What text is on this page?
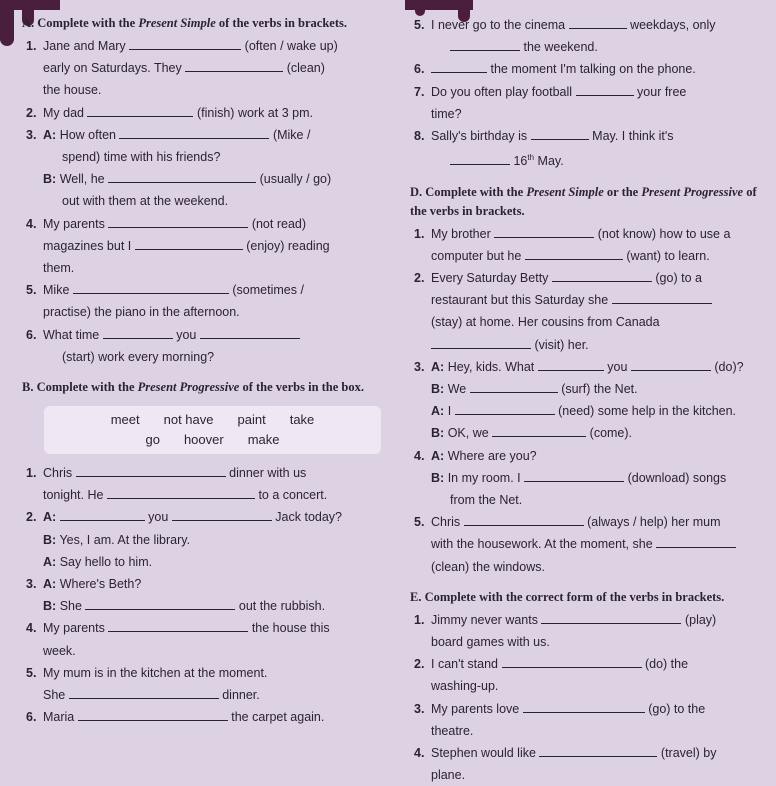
A. Complete with the Present Simple of the verbs in brackets.
1. Jane and Mary	(often / wake up)
early on Saturdays. They	(clean)
the house.
2. My dad	(finish) work at 3 pm.
3. A: How often	(Mike /
spend) time with his friends?
B: Well, he	(usually / go)
out with them at the weekend.
4. My parents	(not read)
magazines but I	(enjoy) reading
them.
5. Mike	(sometimes /
practise) the piano in the afternoon.
6. What time	you
(start) work every morning?
B. Complete with the Present Progressive of the verbs in the box.
meet not have paint take
go hoover make
1. Chris	dinner with us
tonight. He	to a concert.
2. A:	you	Jack today?
B: Yes, I am. At the library.
A: Say hello to him.
3. A: Where's Beth?
B: She	out the rubbish.
4. My parents	the house this
week.
5. My mum is in the kitchen at the moment.
She	dinner.
6. Maria	the carpet again.
5. I never go to the cinema	weekdays, only
the weekend.
6.	the moment I'm talking on the phone.
7. Do you often play football	your free
time?
8. Sally's birthday is	May. I think it's
16th May.
D. Complete with the Present Simple or the Present Progressive of the verbs in brackets.
1. My brother	(not know) how to use a
computer but he	(want) to learn.
2. Every Saturday Betty	(go) to a
restaurant but this Saturday she
(stay) at home. Her cousins from Canada
(visit) her.
3. A: Hey, kids. What	you	(do)?
B: We	(surf) the Net.
A: I	(need) some help in the kitchen.
B: OK, we	(come).
4. A: Where are you?
B: In my room. I	(download) songs
from the Net.
5. Chris	(always / help) her mum
with the housework. At the moment, she
(clean) the windows.
E. Complete with the correct form of the verbs in brackets.
1. Jimmy never wants	(play)
board games with us.
2. I can't stand	(do) the
washing-up.
3. My parents love	(go) to the
theatre.
4. Stephen would like	(travel) by
plane.
